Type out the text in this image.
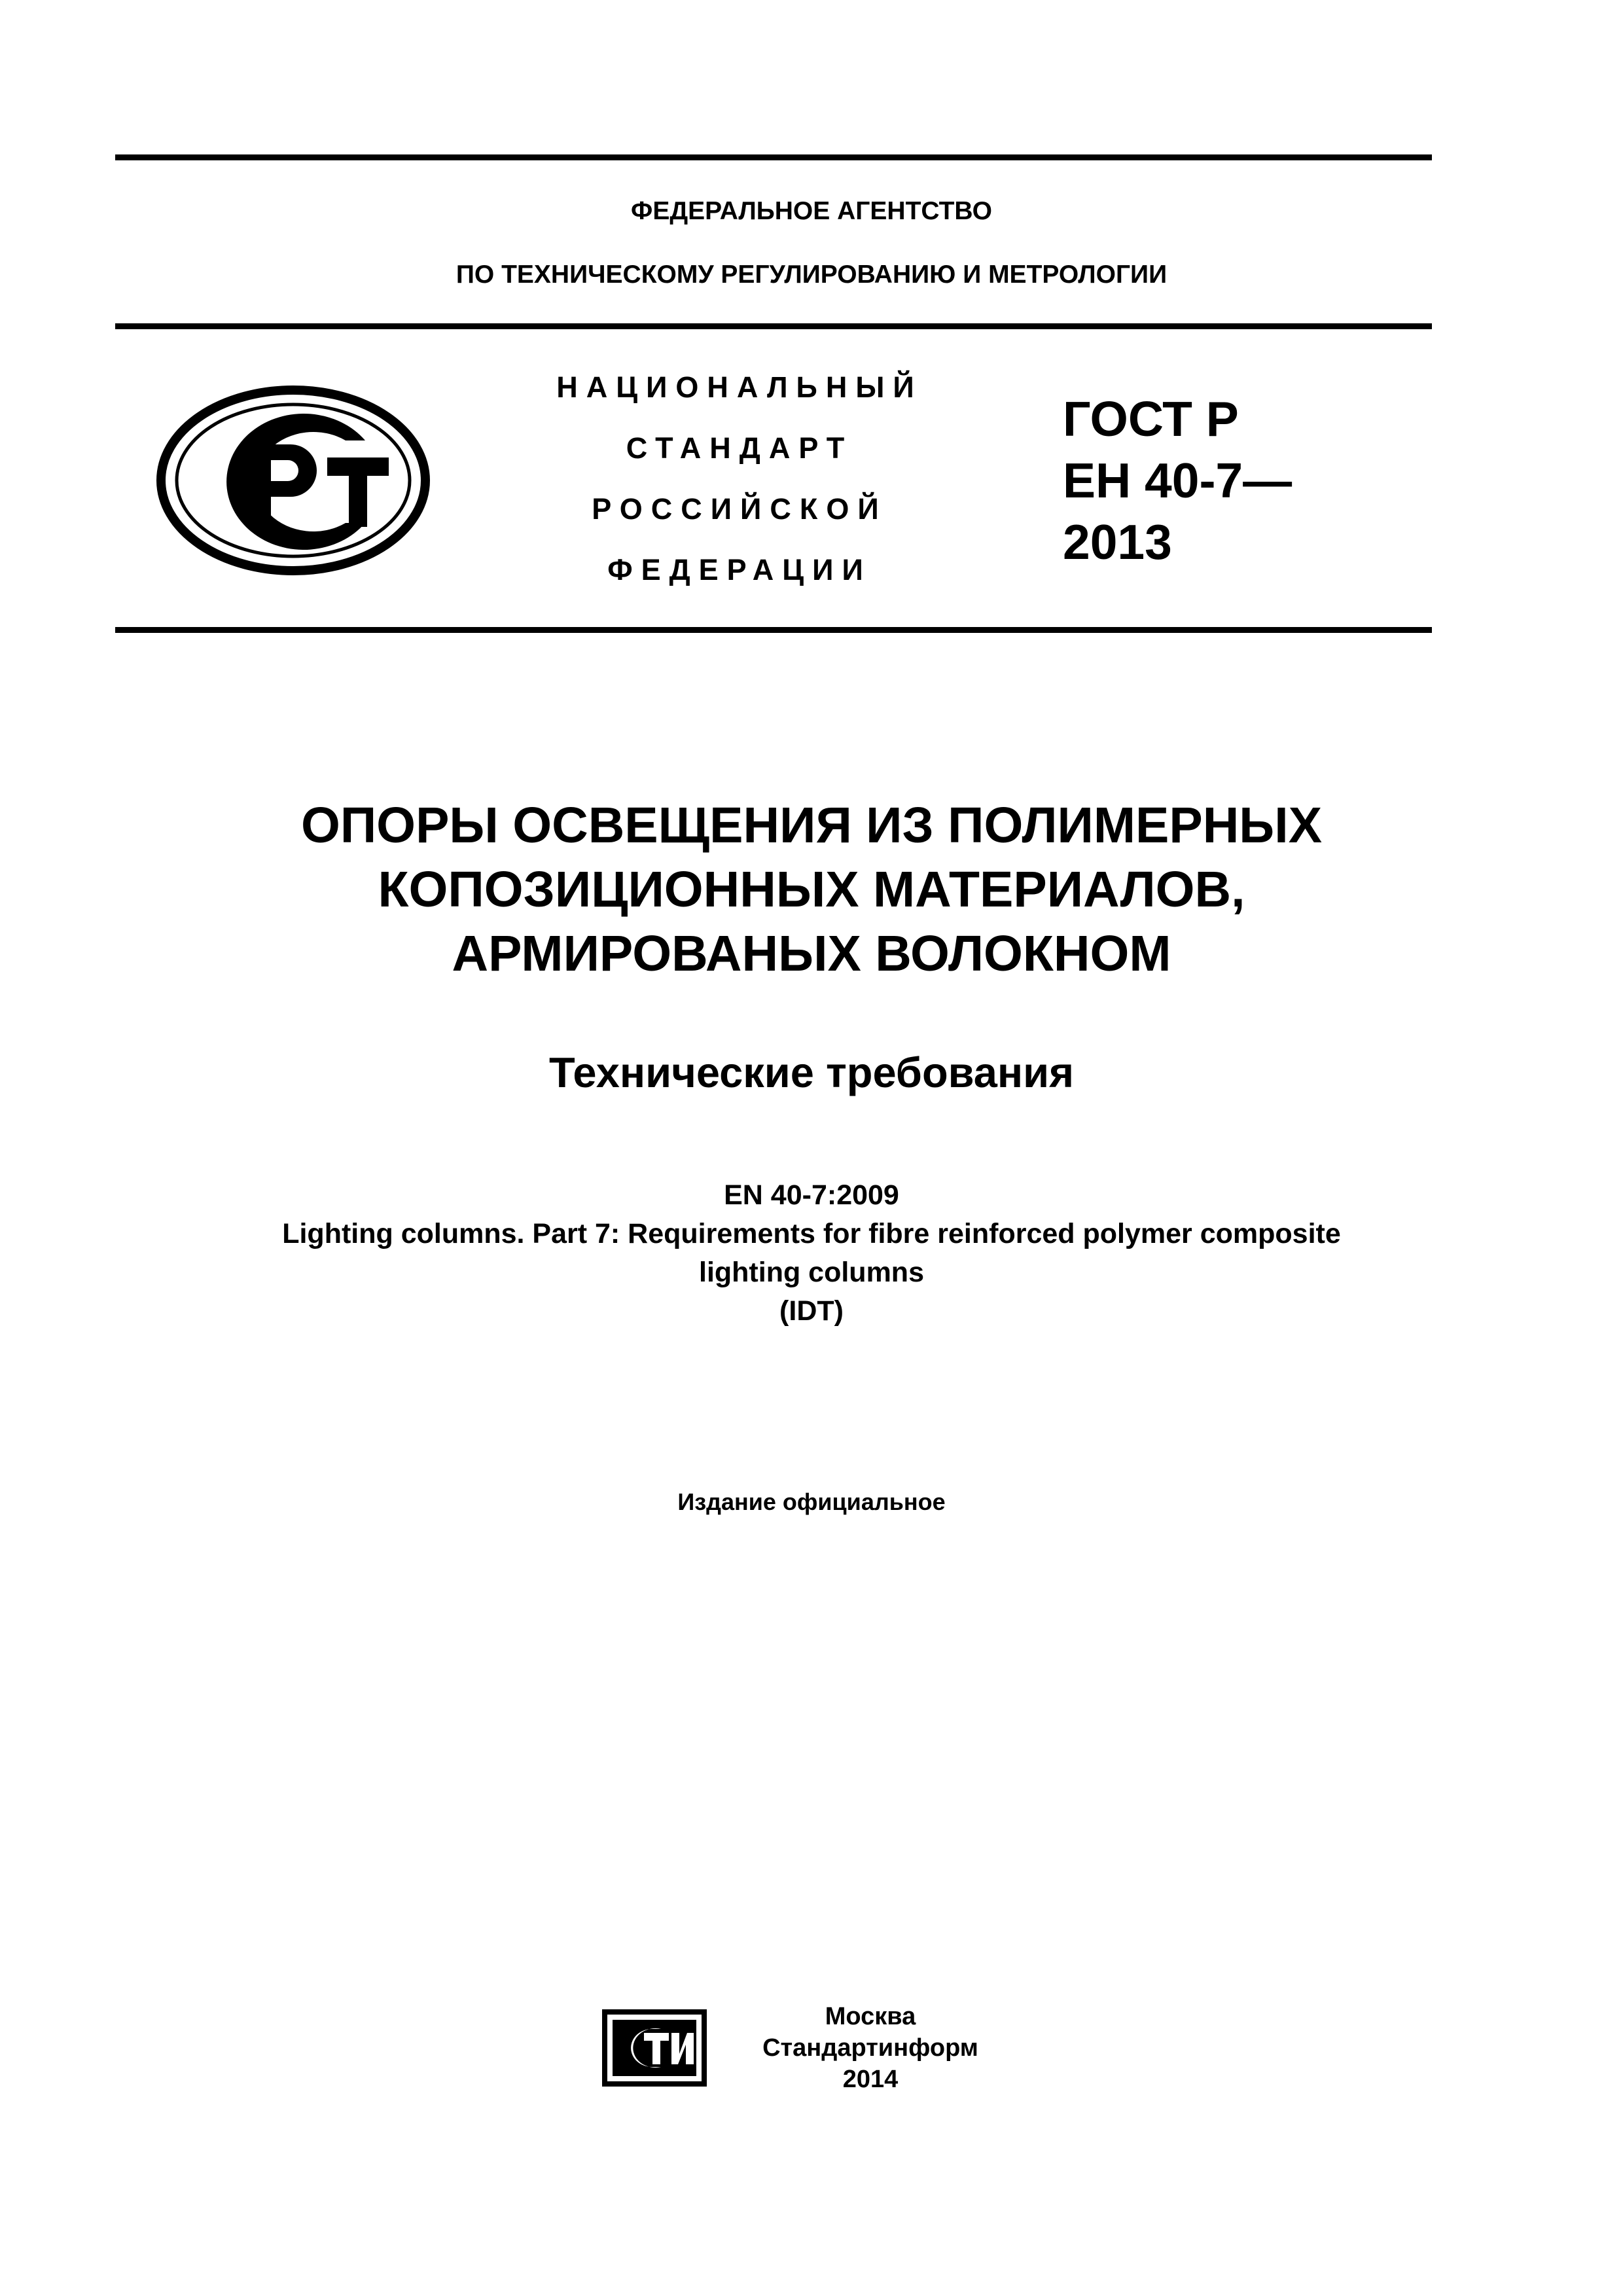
ФЕДЕРАЛЬНОЕ АГЕНТСТВО
ПО ТЕХНИЧЕСКОМУ РЕГУЛИРОВАНИЮ И МЕТРОЛОГИИ
НАЦИОНАЛЬНЫЙ
СТАНДАРТ
РОССИЙСКОЙ
ФЕДЕРАЦИИ
ГОСТ Р
ЕН 40-7—
2013
ОПОРЫ ОСВЕЩЕНИЯ ИЗ ПОЛИМЕРНЫХ
КОПОЗИЦИОННЫХ МАТЕРИАЛОВ,
АРМИРОВАНЫХ ВОЛОКНОМ
Технические требования
EN 40-7:2009
Lighting columns. Part 7: Requirements for fibre reinforced polymer composite
lighting columns
(IDT)
Издание официальное
Москва
Стандартинформ
2014
